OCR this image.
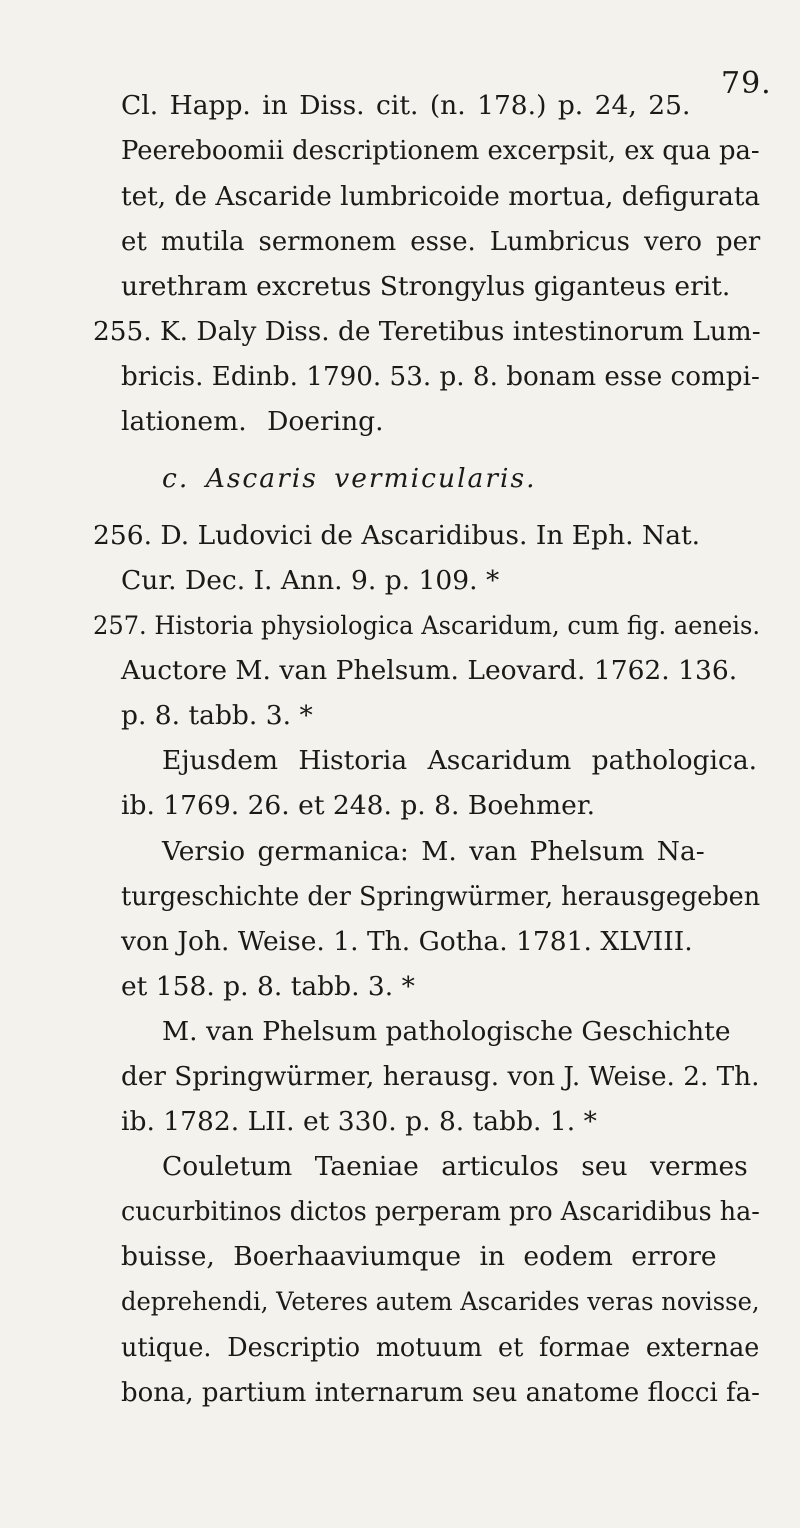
79.
Cl. Happ. in Diss. cit. (n. 178.) p. 24, 25.
Peereboomii descriptionem excerpsit, ex qua pa-
tet, de Ascaride lumbricoide mortua, defigurata
et mutila sermonem esse. Lumbricus vero per
urethram excretus Strongylus giganteus erit.
255. K. Daly Diss. de Teretibus intestinorum Lum-
bricis. Edinb. 1790. 53. p. 8. bonam esse compi-
lationem. Doering.
c. Ascaris vermicularis.
256. D. Ludovici de Ascaridibus. In Eph. Nat.
Cur. Dec. I. Ann. 9. p. 109. *
257. Historia physiologica Ascaridum, cum fig. aeneis.
Auctore M. van Phelsum. Leovard. 1762. 136.
p. 8. tabb. 3. *
Ejusdem Historia Ascaridum pathologica.
ib. 1769. 26. et 248. p. 8. Boehmer.
Versio germanica: M. van Phelsum Na-
turgeschichte der Springwürmer, herausgegeben
von Joh. Weise. 1. Th. Gotha. 1781. XLVIII.
et 158. p. 8. tabb. 3. *
M. van Phelsum pathologische Geschichte
der Springwürmer, herausg. von J. Weise. 2. Th.
ib. 1782. LII. et 330. p. 8. tabb. 1. *
Couletum Taeniae articulos seu vermes
cucurbitinos dictos perperam pro Ascaridibus ha-
buisse, Boerhaaviumque in eodem errore
deprehendi, Veteres autem Ascarides veras novisse,
utique. Descriptio motuum et formae externae
bona, partium internarum seu anatome flocci fa-
